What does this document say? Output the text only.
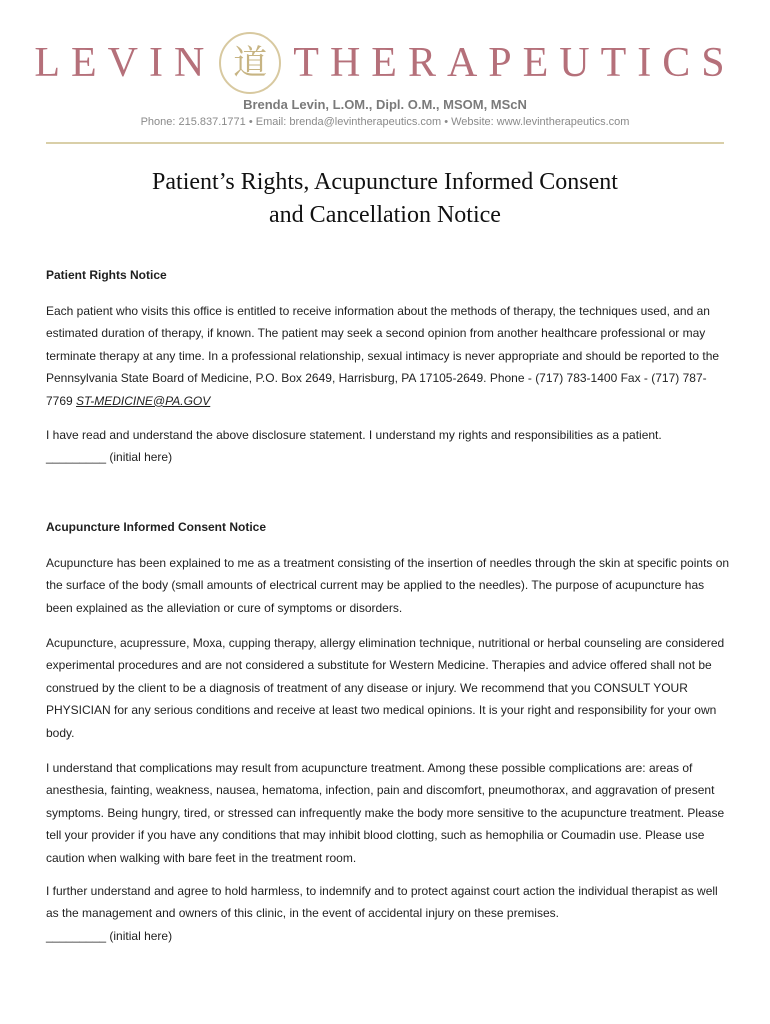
LEVIN 道 THERAPEUTICS
Brenda Levin, L.OM., Dipl. O.M., MSOM, MScN
Phone: 215.837.1771 • Email: brenda@levintherapeutics.com • Website: www.levintherapeutics.com
Patient’s Rights, Acupuncture Informed Consent
and Cancellation Notice
Patient Rights Notice

Each patient who visits this office is entitled to receive information about the methods of therapy, the techniques used, and an estimated duration of therapy, if known. The patient may seek a second opinion from another healthcare professional or may terminate therapy at any time. In a professional relationship, sexual intimacy is never appropriate and should be reported to the Pennsylvania State Board of Medicine, P.O. Box 2649, Harrisburg, PA 17105-2649. Phone - (717) 783-1400 Fax - (717) 787-7769 ST-MEDICINE@PA.GOV

I have read and understand the above disclosure statement. I understand my rights and responsibilities as a patient.
_________ (initial here)

Acupuncture Informed Consent Notice

Acupuncture has been explained to me as a treatment consisting of the insertion of needles through the skin at specific points on the surface of the body (small amounts of electrical current may be applied to the needles). The purpose of acupuncture has been explained as the alleviation or cure of symptoms or disorders.

Acupuncture, acupressure, Moxa, cupping therapy, allergy elimination technique, nutritional or herbal counseling are considered experimental procedures and are not considered a substitute for Western Medicine. Therapies and advice offered shall not be construed by the client to be a diagnosis of treatment of any disease or injury. We recommend that you CONSULT YOUR PHYSICIAN for any serious conditions and receive at least two medical opinions. It is your right and responsibility for your own body.

I understand that complications may result from acupuncture treatment. Among these possible complications are: areas of anesthesia, fainting, weakness, nausea, hematoma, infection, pain and discomfort, pneumothorax, and aggravation of present symptoms. Being hungry, tired, or stressed can infrequently make the body more sensitive to the acupuncture treatment. Please tell your provider if you have any conditions that may inhibit blood clotting, such as hemophilia or Coumadin use. Please use caution when walking with bare feet in the treatment room.

I further understand and agree to hold harmless, to indemnify and to protect against court action the individual therapist as well as the management and owners of this clinic, in the event of accidental injury on these premises.

_________ (initial here)
